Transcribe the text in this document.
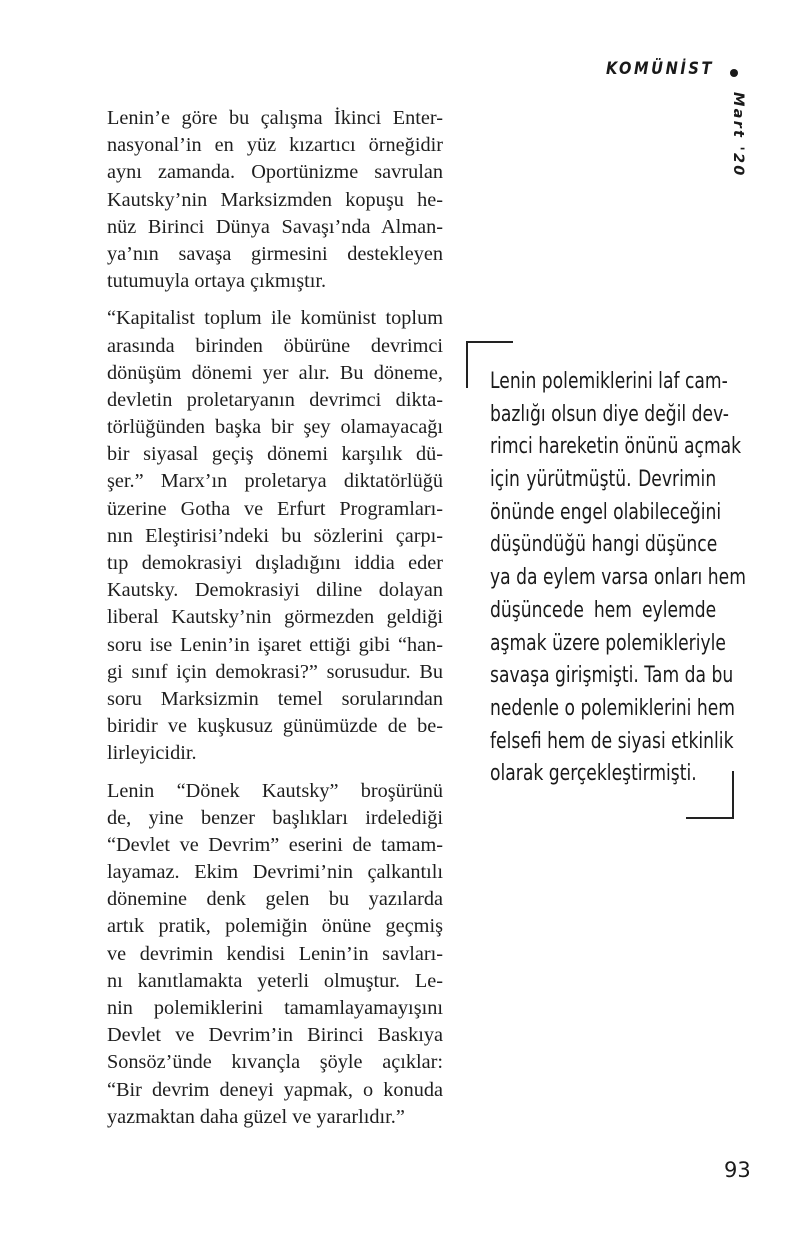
KOMÜNİST
Mart '20

Lenin’e göre bu çalışma İkinci Enter-
nasyonal’in en yüz kızartıcı örneğidir
aynı zamanda. Oportünizme savrulan
Kautsky’nin Marksizmden kopuşu he-
nüz Birinci Dünya Savaşı’nda Alman-
ya’nın savaşa girmesini destekleyen
tutumuyla ortaya çıkmıştır.

“Kapitalist toplum ile komünist toplum
arasında birinden öbürüne devrimci
dönüşüm dönemi yer alır. Bu döneme,
devletin proletaryanın devrimci dikta-
törlüğünden başka bir şey olamayacağı
bir siyasal geçiş dönemi karşılık dü-
şer.” Marx’ın proletarya diktatörlüğü
üzerine Gotha ve Erfurt Programları-
nın Eleştirisi’ndeki bu sözlerini çarpı-
tıp demokrasiyi dışladığını iddia eder
Kautsky. Demokrasiyi diline dolayan
liberal Kautsky’nin görmezden geldiği
soru ise Lenin’in işaret ettiği gibi “han-
gi sınıf için demokrasi?” sorusudur. Bu
soru Marksizmin temel sorularından
biridir ve kuşkusuz günümüzde de be-
lirleyicidir.

Lenin “Dönek Kautsky” broşürünü
de, yine benzer başlıkları irdelediği
“Devlet ve Devrim” eserini de tamam-
layamaz. Ekim Devrimi’nin çalkantılı
dönemine denk gelen bu yazılarda
artık pratik, polemiğin önüne geçmiş
ve devrimin kendisi Lenin’in savları-
nı kanıtlamakta yeterli olmuştur. Le-
nin polemiklerini tamamlayamayışını
Devlet ve Devrim’in Birinci Baskıya
Sonsöz’ünde kıvançla şöyle açıklar:
“Bir devrim deneyi yapmak, o konuda
yazmaktan daha güzel ve yararlıdır.”

Lenin polemiklerini laf cam-
bazlığı olsun diye değil dev-
rimci hareketin önünü açmak
için yürütmüştü. Devrimin
önünde engel olabileceğini
düşündüğü hangi düşünce
ya da eylem varsa onları hem
düşüncede hem eylemde
aşmak üzere polemikleriyle
savaşa girişmişti. Tam da bu
nedenle o polemiklerini hem
felsefi hem de siyasi etkinlik
olarak gerçekleştirmişti.
93
